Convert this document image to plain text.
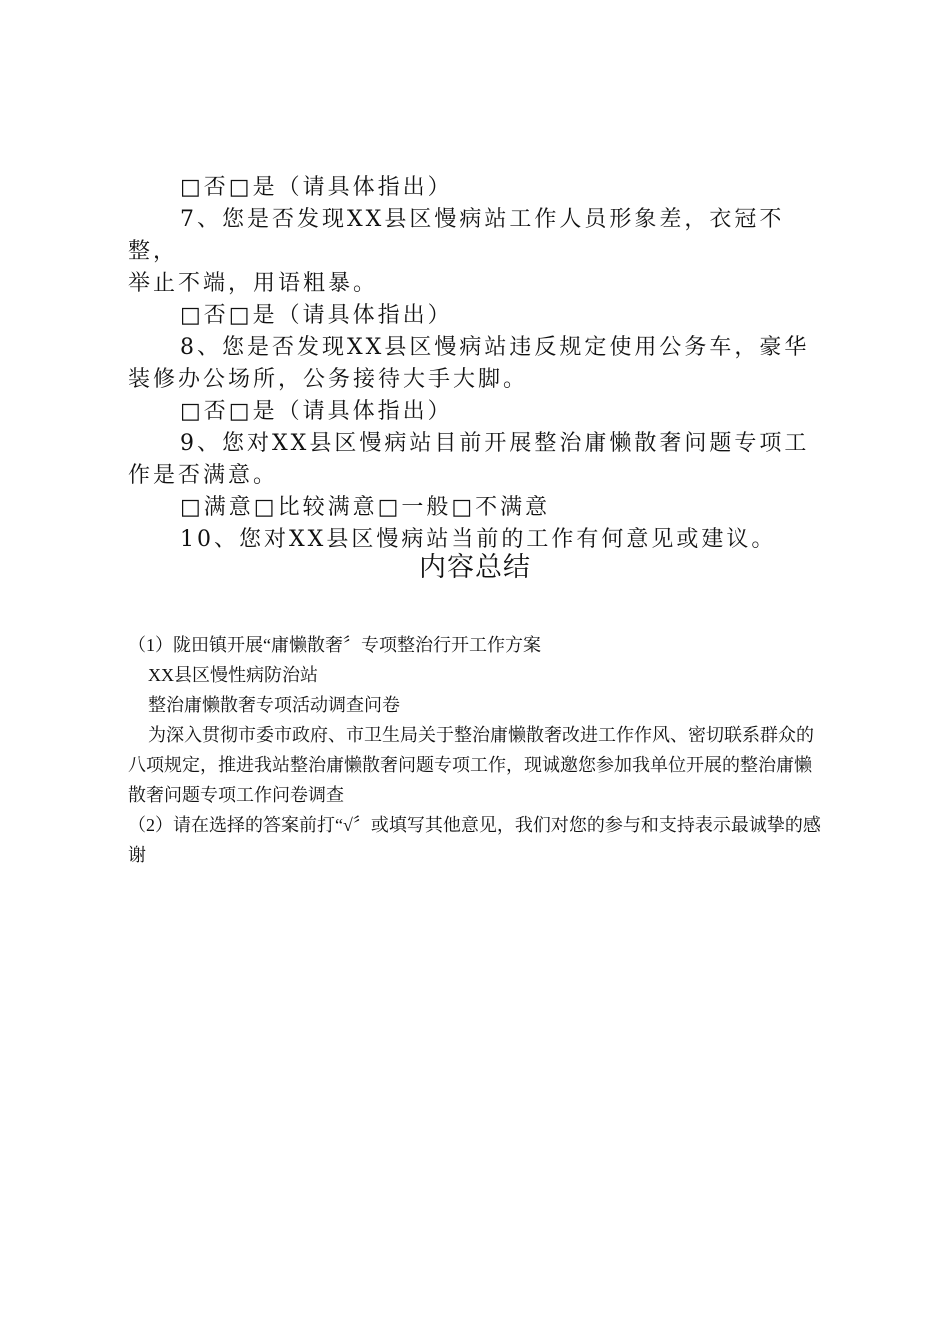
□否□是（请具体指出）

7、您是否发现XX县区慢病站工作人员形象差，衣冠不整，

举止不端，用语粗暴。

□否□是（请具体指出）

8、您是否发现XX县区慢病站违反规定使用公务车，豪华

装修办公场所，公务接待大手大脚。

□否□是（请具体指出）

9、您对XX县区慢病站目前开展整治庸懒散奢问题专项工

作是否满意。

□满意□比较满意□一般□不满意

10、您对XX县区慢病站当前的工作有何意见或建议。

内容总结

（1）陇田镇开展“庸懒散奢〞专项整治行开工作方案

XX县区慢性病防治站

整治庸懒散奢专项活动调查问卷

为深入贯彻市委市政府、市卫生局关于整治庸懒散奢改进工作作风、密切联系群众的八项规定，推进我站整治庸懒散奢问题专项工作，现诚邀您参加我单位开展的整治庸懒散奢问题专项工作问卷调查

（2）请在选择的答案前打“√〞或填写其他意见，我们对您的参与和支持表示最诚挚的感谢
